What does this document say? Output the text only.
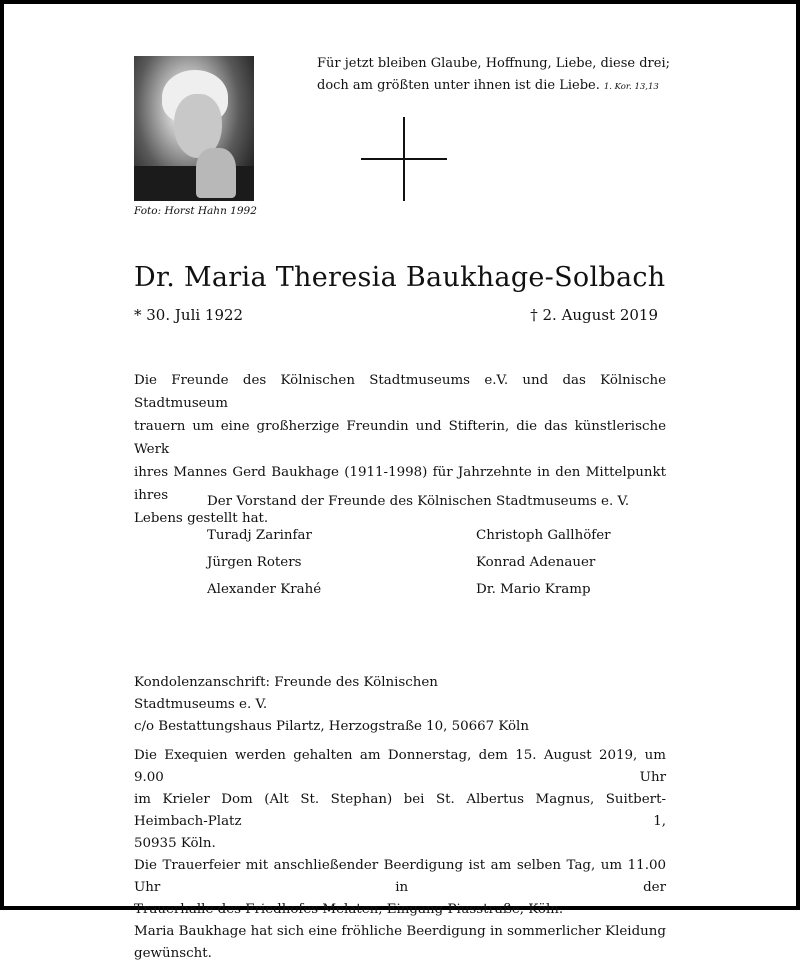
Foto: Horst Hahn 1992
Für jetzt bleiben Glaube, Hoffnung, Liebe, diese drei;
doch am größten unter ihnen ist die Liebe. 1. Kor. 13,13
Dr. Maria Theresia Baukhage-Solbach
* 30. Juli 1922	† 2. August 2019
Die Freunde des Kölnischen Stadtmuseums e.V. und das Kölnische Stadtmuseum
trauern um eine großherzige Freundin und Stifterin, die das künstlerische Werk
ihres Mannes Gerd Baukhage (1911-1998) für Jahrzehnte in den Mittelpunkt ihres
Lebens gestellt hat.
Der Vorstand der Freunde des Kölnischen Stadtmuseums e. V.
Turadj Zarinfar
Jürgen Roters
Alexander Krahé
Christoph Gallhöfer
Konrad Adenauer
Dr. Mario Kramp
Kondolenzanschrift: Freunde des Kölnischen Stadtmuseums e. V.
c/o Bestattungshaus Pilartz, Herzogstraße 10, 50667 Köln
Die Exequien werden gehalten am Donnerstag, dem 15. August 2019, um 9.00 Uhr
im Krieler Dom (Alt St. Stephan) bei St. Albertus Magnus, Suitbert-Heimbach-Platz 1,
50935 Köln.
Die Trauerfeier mit anschließender Beerdigung ist am selben Tag, um 11.00 Uhr in der
Trauerhalle des Friedhofes Melaten, Eingang Piusstraße, Köln.
Maria Baukhage hat sich eine fröhliche Beerdigung in sommerlicher Kleidung gewünscht.
